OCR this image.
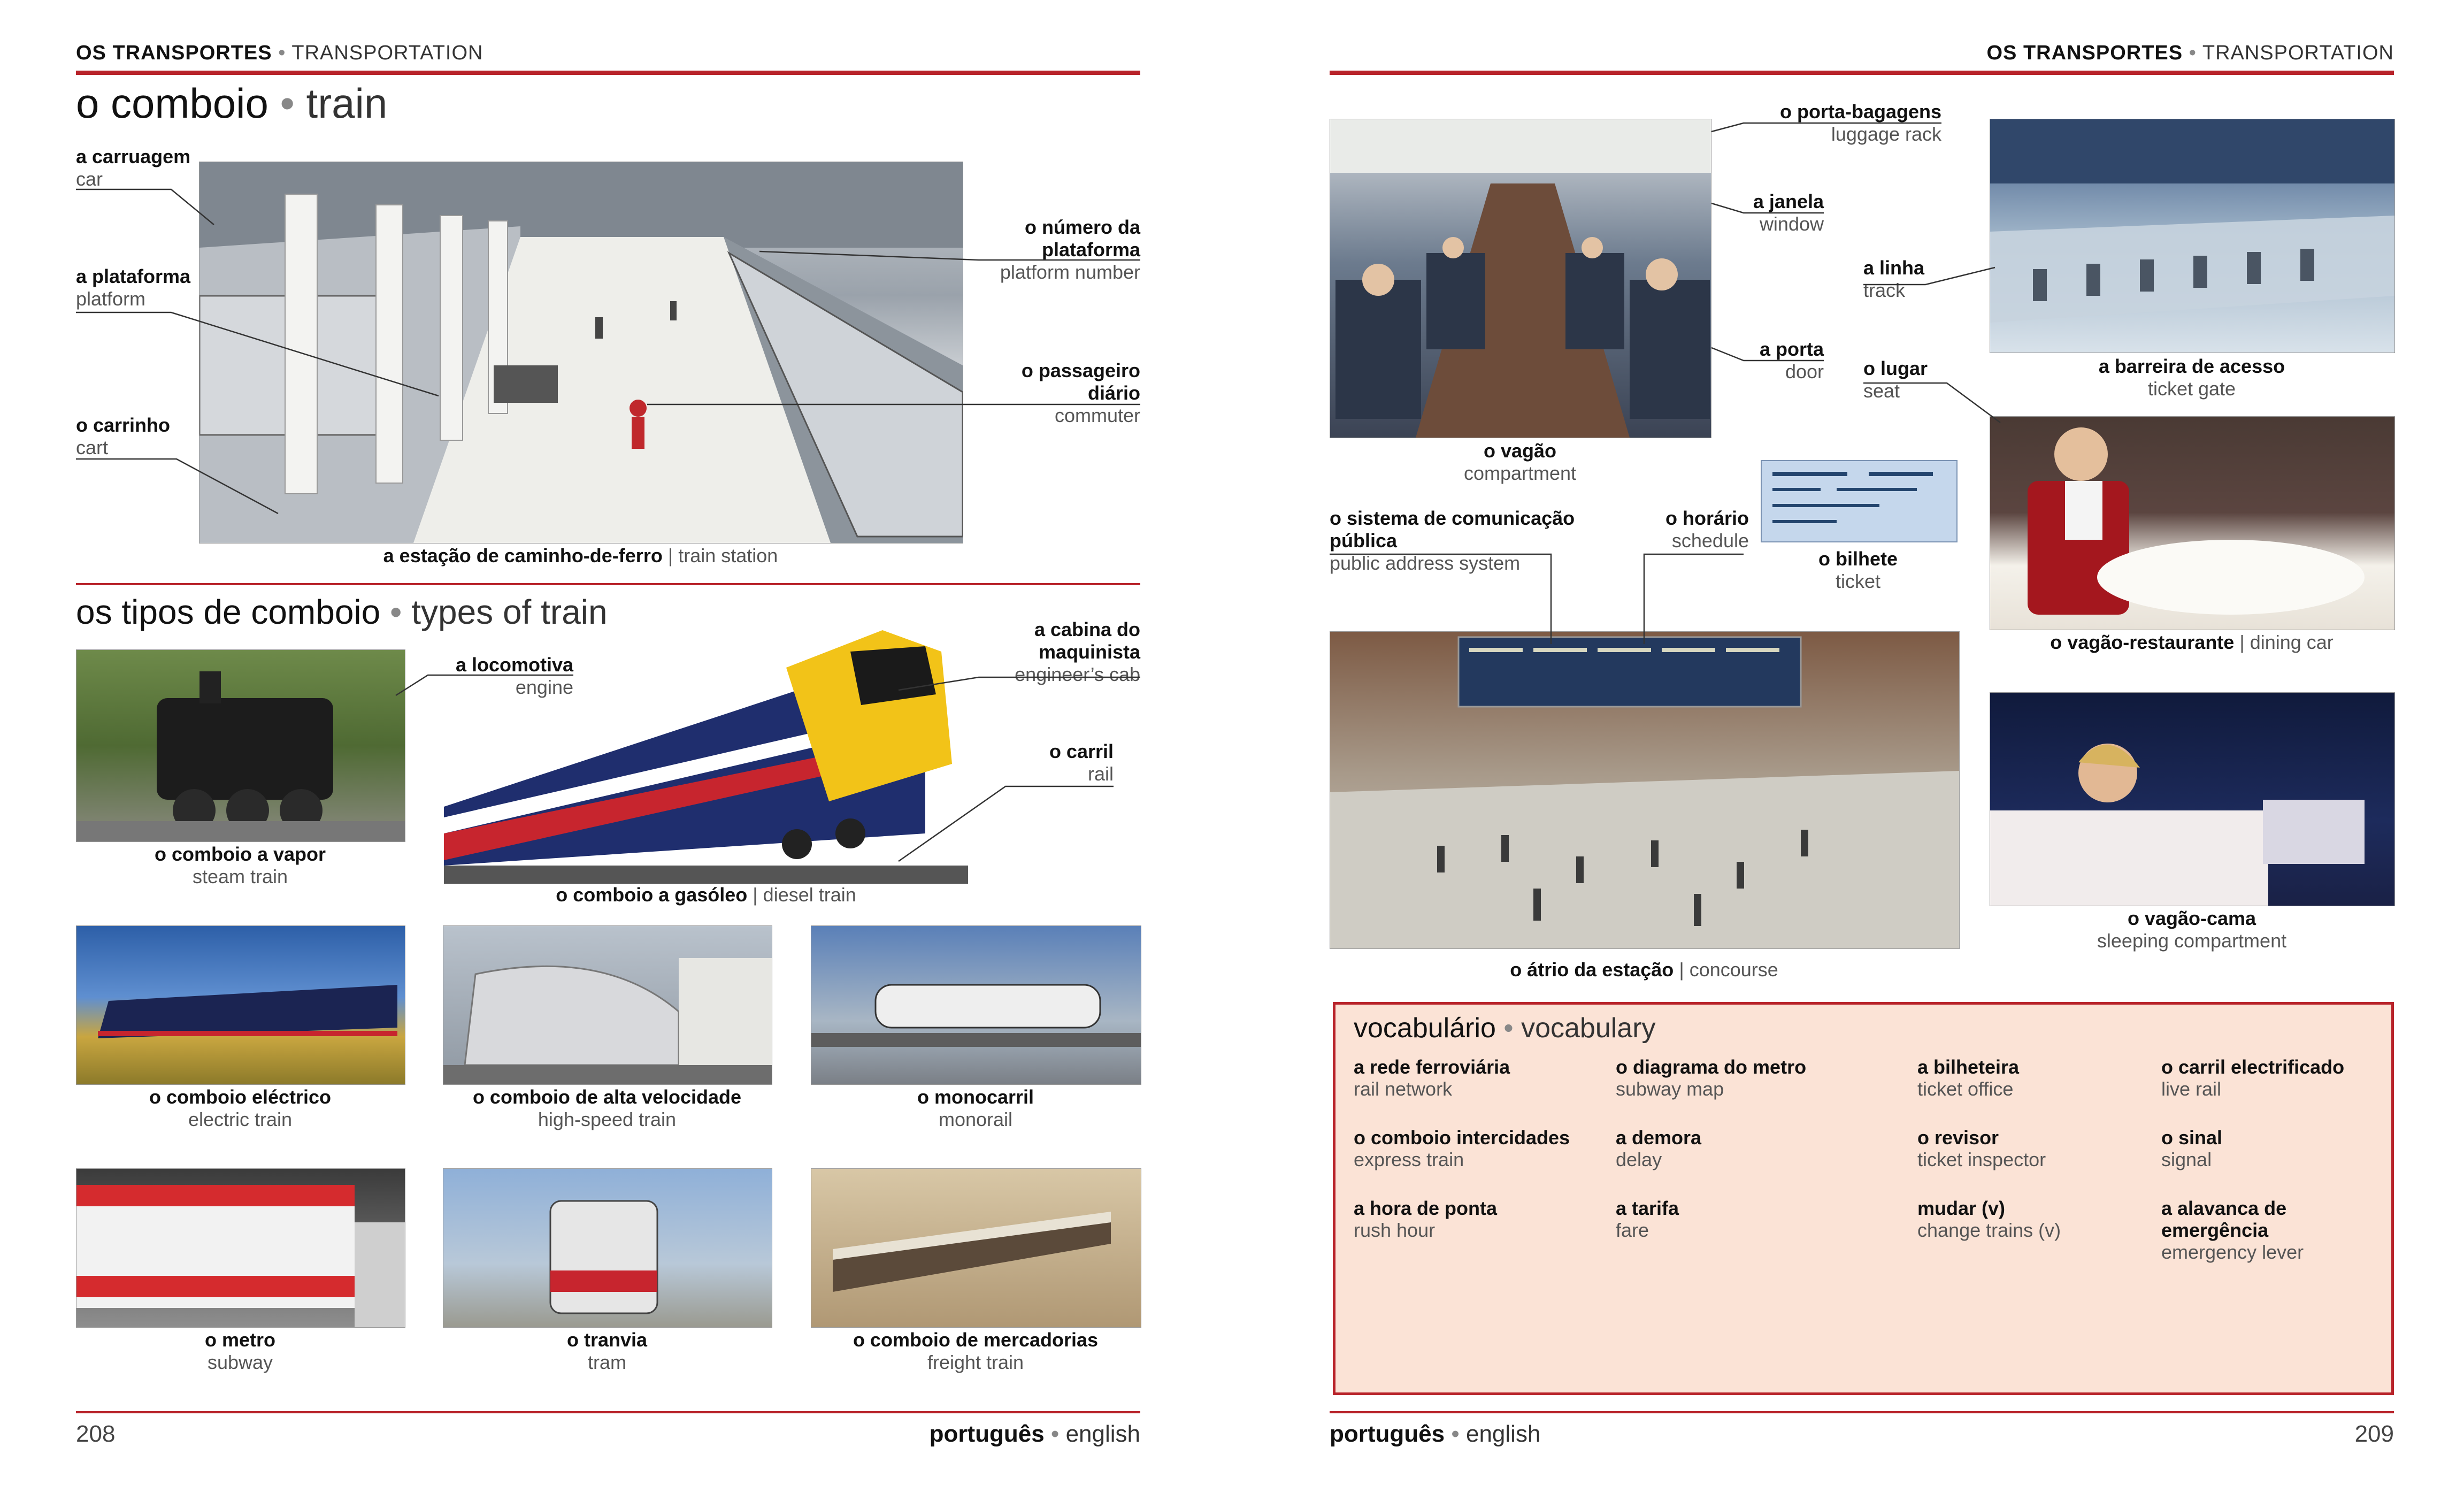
OS TRANSPORTES • TRANSPORTATION
o comboio • train
a carruagem
car
a plataforma
platform
o carrinho
cart
o número da plataforma
platform number
o passageiro diário
commuter
a estação de caminho-de-ferro | train station
os tipos de comboio • types of train
o comboio a vapor
steam train
a locomotiva
engine
a cabina do maquinista
engineer’s cab
o carril
rail
o comboio a gasóleo | diesel train
o comboio eléctrico
electric train
o comboio de alta velocidade
high-speed train
o monocarril
monorail
o metro
subway
o tranvia
tram
o comboio de mercadorias
freight train
208	português • english
OS TRANSPORTES • TRANSPORTATION
o porta-bagagens
luggage rack
a janela
window
a porta
door
o vagão
compartment
a linha
track
o lugar
seat
a barreira de acesso
ticket gate
o bilhete
ticket
o vagão-restaurante | dining car
o sistema de comunicação pública
public address system
o horário
schedule
o átrio da estação | concourse
o vagão-cama
sleeping compartment
vocabulário • vocabulary
a rede ferroviária
rail network
o diagrama do metro
subway map
a bilheteira
ticket office
o carril electrificado
live rail
o comboio intercidades
express train
a demora
delay
o revisor
ticket inspector
o sinal
signal
a hora de ponta
rush hour
a tarifa
fare
mudar (v)
change trains (v)
a alavanca de emergência
emergency lever
português • english	209
